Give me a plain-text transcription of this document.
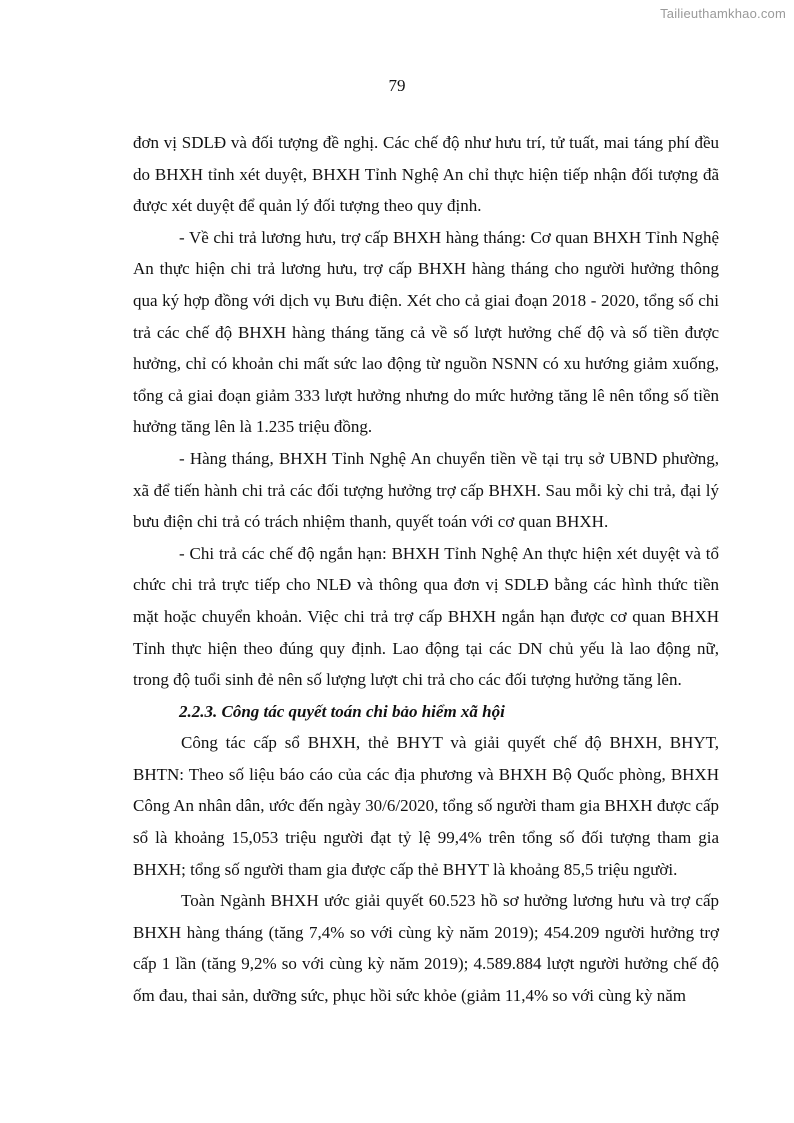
Tailieuthamkhao.com
79

đơn vị SDLĐ và đối tượng đề nghị. Các chế độ như hưu trí, tử tuất, mai táng phí đều do BHXH tỉnh xét duyệt, BHXH Tỉnh Nghệ An chỉ thực hiện tiếp nhận đối tượng đã được xét duyệt để quản lý đối tượng theo quy định.

- Về chi trả lương hưu, trợ cấp BHXH hàng tháng: Cơ quan BHXH Tỉnh Nghệ An thực hiện chi trả lương hưu, trợ cấp BHXH hàng tháng cho người hưởng thông qua ký hợp đồng với dịch vụ Bưu điện. Xét cho cả giai đoạn 2018 - 2020, tổng số chi trả các chế độ BHXH hàng tháng tăng cả về số lượt hưởng chế độ và số tiền được hưởng, chỉ có khoản chi mất sức lao động từ nguồn NSNN có xu hướng giảm xuống, tổng cả giai đoạn giảm 333 lượt hưởng nhưng do mức hưởng tăng lê nên tổng số tiền hưởng tăng lên là 1.235 triệu đồng.

- Hàng tháng, BHXH Tỉnh Nghệ An chuyển tiền về tại trụ sở UBND phường, xã để tiến hành chi trả các đối tượng hưởng trợ cấp BHXH. Sau mỗi kỳ chi trả, đại lý bưu điện chi trả có trách nhiệm thanh, quyết toán với cơ quan BHXH.

- Chi trả các chế độ ngắn hạn: BHXH Tỉnh Nghệ An thực hiện xét duyệt và tổ chức chi trả trực tiếp cho NLĐ và thông qua đơn vị SDLĐ bằng các hình thức tiền mặt hoặc chuyển khoản. Việc chi trả trợ cấp BHXH ngắn hạn được cơ quan BHXH Tỉnh thực hiện theo đúng quy định. Lao động tại các DN chủ yếu là lao động nữ, trong độ tuổi sinh đẻ nên số lượng lượt chi trả cho các đối tượng hưởng tăng lên.

2.2.3. Công tác quyết toán chi bảo hiểm xã hội

Công tác cấp sổ BHXH, thẻ BHYT và giải quyết chế độ BHXH, BHYT, BHTN: Theo số liệu báo cáo của các địa phương và BHXH Bộ Quốc phòng, BHXH Công An nhân dân, ước đến ngày 30/6/2020, tổng số người tham gia BHXH được cấp sổ là khoảng 15,053 triệu người đạt tỷ lệ 99,4% trên tổng số đối tượng tham gia BHXH; tổng số người tham gia được cấp thẻ BHYT là khoảng 85,5 triệu người.

Toàn Ngành BHXH ước giải quyết 60.523 hồ sơ hưởng lương hưu và trợ cấp BHXH hàng tháng (tăng 7,4% so với cùng kỳ năm 2019); 454.209 người hưởng trợ cấp 1 lần (tăng 9,2% so với cùng kỳ năm 2019); 4.589.884 lượt người hưởng chế độ ốm đau, thai sản, dưỡng sức, phục hồi sức khỏe (giảm 11,4% so với cùng kỳ năm
